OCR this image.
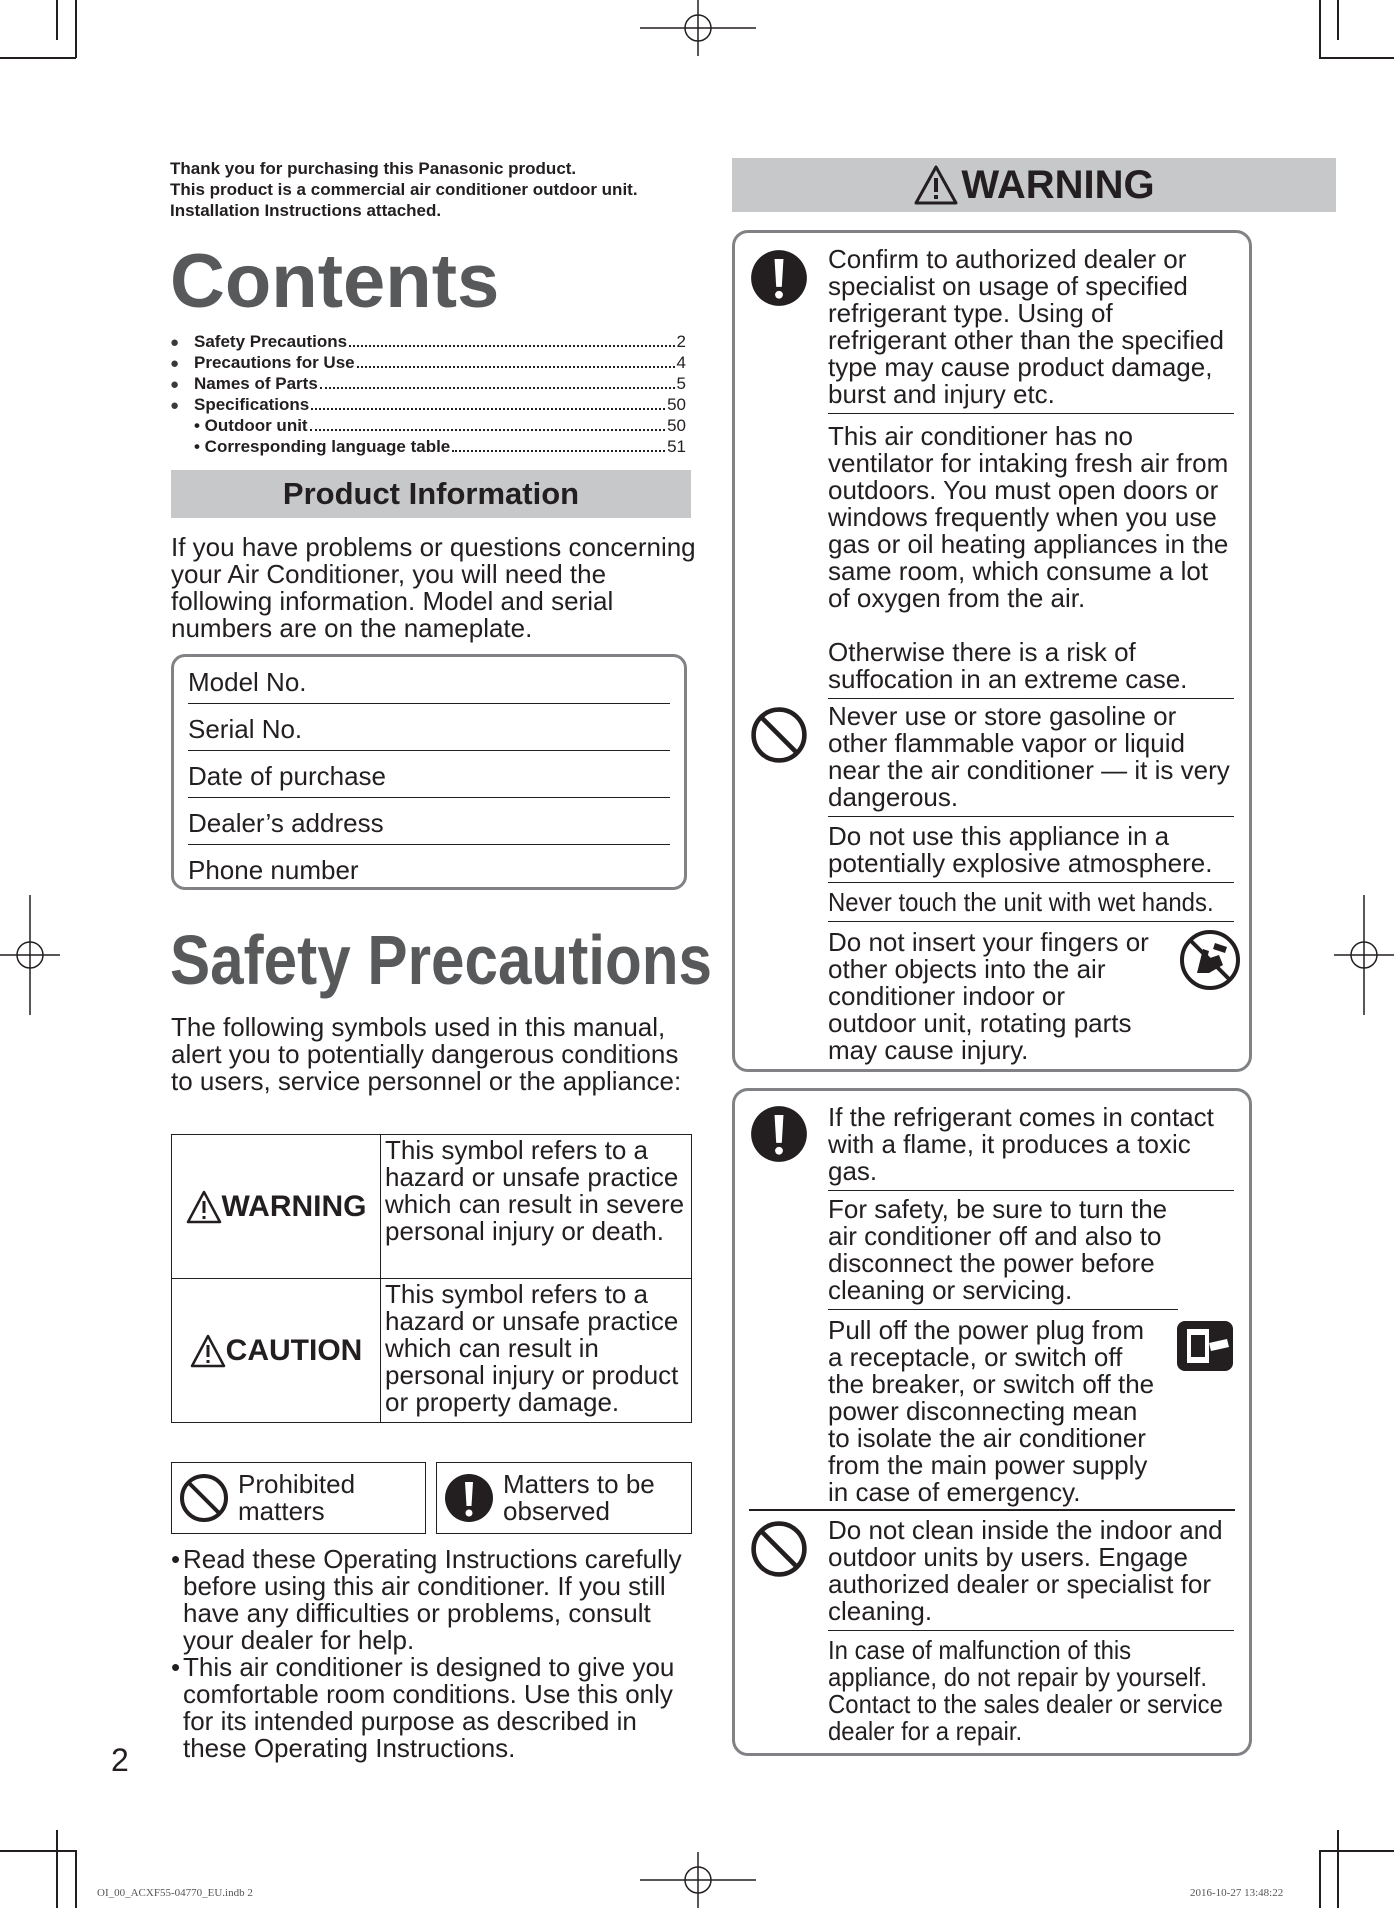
Thank you for purchasing this Panasonic product.
This product is a commercial air conditioner outdoor unit.
Installation Instructions attached.
Contents
● Safety Precautions	2
● Precautions for Use	4
● Names of Parts	5
● Specifications	50
• Outdoor unit	50
• Corresponding language table	51
Product Information
If you have problems or questions concerning your Air Conditioner, you will need the following information. Model and serial numbers are on the nameplate.
Model No.
Serial No.
Date of purchase
Dealer’s address
Phone number
Safety Precautions
The following symbols used in this manual, alert you to potentially dangerous conditions to users, service personnel or the appliance:
WARNING
This symbol refers to a hazard or unsafe practice which can result in severe personal injury or death.
CAUTION
This symbol refers to a hazard or unsafe practice which can result in personal injury or product or property damage.
Prohibited matters
Matters to be observed
• Read these Operating Instructions carefully before using this air conditioner. If you still have any difficulties or problems, consult your dealer for help.
• This air conditioner is designed to give you comfortable room conditions. Use this only for its intended purpose as described in these Operating Instructions.
2
WARNING
Confirm to authorized dealer or specialist on usage of specified refrigerant type. Using of refrigerant other than the specified type may cause product damage, burst and injury etc.
This air conditioner has no ventilator for intaking fresh air from outdoors. You must open doors or windows frequently when you use gas or oil heating appliances in the same room, which consume a lot of oxygen from the air.
Otherwise there is a risk of suffocation in an extreme case.
Never use or store gasoline or other flammable vapor or liquid near the air conditioner — it is very dangerous.
Do not use this appliance in a potentially explosive atmosphere.
Never touch the unit with wet hands.
Do not insert your fingers or other objects into the air conditioner indoor or outdoor unit, rotating parts may cause injury.
If the refrigerant comes in contact with a flame, it produces a toxic gas.
For safety, be sure to turn the air conditioner off and also to disconnect the power before cleaning or servicing.
Pull off the power plug from a receptacle, or switch off the breaker, or switch off the power disconnecting mean to isolate the air conditioner from the main power supply in case of emergency.
Do not clean inside the indoor and outdoor units by users. Engage authorized dealer or specialist for cleaning.
In case of malfunction of this appliance, do not repair by yourself. Contact to the sales dealer or service dealer for a repair.
OI_00_ACXF55-04770_EU.indb 2	2016-10-27 13:48:22
